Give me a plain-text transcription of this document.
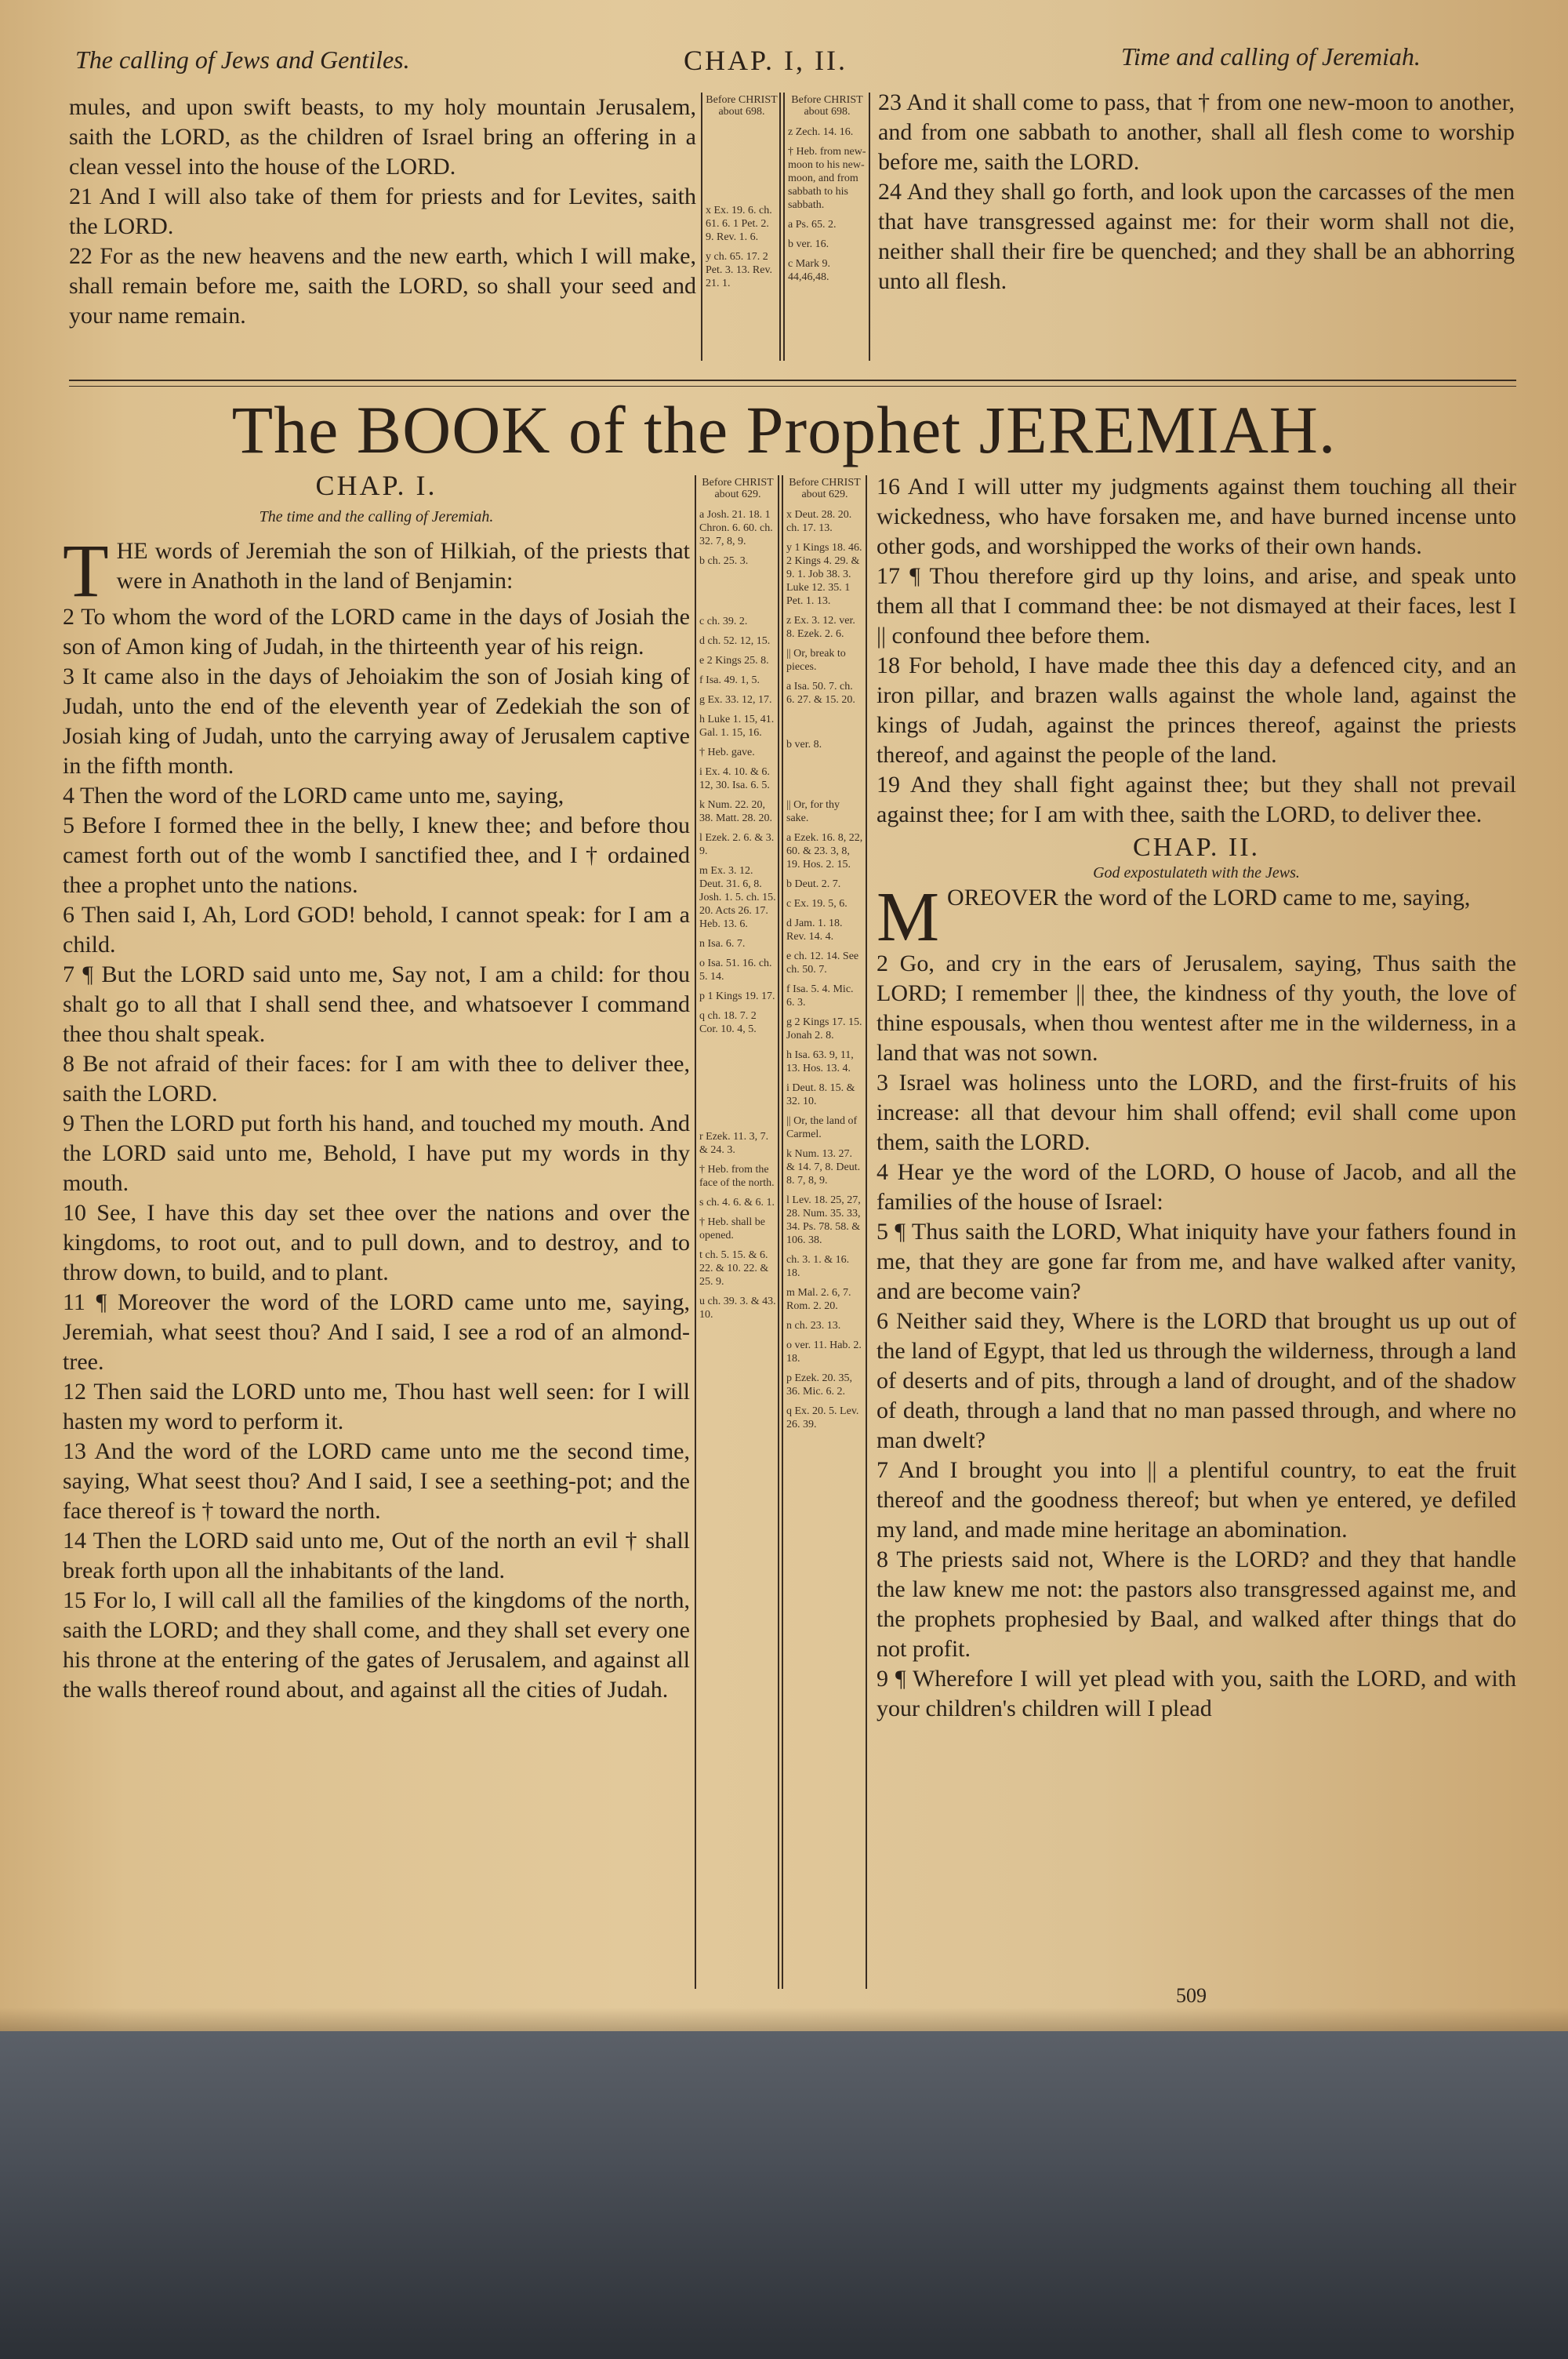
The calling of Jews and Gentiles.	CHAP. I, II.	Time and calling of Jeremiah.

mules, and upon swift beasts, to my holy mountain Jerusalem, saith the LORD, as the children of Israel bring an offering in a clean vessel into the house of the LORD.

21 And I will also take of them for priests and for Levites, saith the LORD.

22 For as the new heavens and the new earth, which I will make, shall remain before me, saith the LORD, so shall your seed and your name remain.

Before CHRIST about 698.

x Ex. 19. 6. ch. 61. 6. 1 Pet. 2. 9. Rev. 1. 6.

y ch. 65. 17. 2 Pet. 3. 13. Rev. 21. 1.

Before CHRIST about 698.

z Zech. 14. 16.

† Heb. from new-moon to his new-moon, and from sabbath to his sabbath.

a Ps. 65. 2.

b ver. 16.

c Mark 9. 44,46,48.

23 And it shall come to pass, that † from one new-moon to another, and from one sabbath to another, shall all flesh come to worship before me, saith the LORD.

24 And they shall go forth, and look upon the carcasses of the men that have transgressed against me: for their worm shall not die, neither shall their fire be quenched; and they shall be an abhorring unto all flesh.

The BOOK of the Prophet JEREMIAH.
CHAP. I.
The time and the calling of Jeremiah.

THE words of Jeremiah the son of Hilkiah, of the priests that were in Anathoth in the land of Benjamin:

2 To whom the word of the LORD came in the days of Josiah the son of Amon king of Judah, in the thirteenth year of his reign.

3 It came also in the days of Jehoiakim the son of Josiah king of Judah, unto the end of the eleventh year of Zedekiah the son of Josiah king of Judah, unto the carrying away of Jerusalem captive in the fifth month.

4 Then the word of the LORD came unto me, saying,

5 Before I formed thee in the belly, I knew thee; and before thou camest forth out of the womb I sanctified thee, and I † ordained thee a prophet unto the nations.

6 Then said I, Ah, Lord GOD! behold, I cannot speak: for I am a child.

7 ¶ But the LORD said unto me, Say not, I am a child: for thou shalt go to all that I shall send thee, and whatsoever I command thee thou shalt speak.

8 Be not afraid of their faces: for I am with thee to deliver thee, saith the LORD.

9 Then the LORD put forth his hand, and touched my mouth. And the LORD said unto me, Behold, I have put my words in thy mouth.

10 See, I have this day set thee over the nations and over the kingdoms, to root out, and to pull down, and to destroy, and to throw down, to build, and to plant.

11 ¶ Moreover the word of the LORD came unto me, saying, Jeremiah, what seest thou? And I said, I see a rod of an almond-tree.

12 Then said the LORD unto me, Thou hast well seen: for I will hasten my word to perform it.

13 And the word of the LORD came unto me the second time, saying, What seest thou? And I said, I see a seething-pot; and the face thereof is † toward the north.

14 Then the LORD said unto me, Out of the north an evil † shall break forth upon all the inhabitants of the land.

15 For lo, I will call all the families of the kingdoms of the north, saith the LORD; and they shall come, and they shall set every one his throne at the entering of the gates of Jerusalem, and against all the walls thereof round about, and against all the cities of Judah.

Before CHRIST about 629.

a Josh. 21. 18. 1 Chron. 6. 60. ch. 32. 7, 8, 9.

b ch. 25. 3.

c ch. 39. 2.

d ch. 52. 12, 15.

e 2 Kings 25. 8.

f Isa. 49. 1, 5.

g Ex. 33. 12, 17.

h Luke 1. 15, 41. Gal. 1. 15, 16.

† Heb. gave.

i Ex. 4. 10. & 6. 12, 30. Isa. 6. 5.

k Num. 22. 20, 38. Matt. 28. 20.

l Ezek. 2. 6. & 3. 9.

m Ex. 3. 12. Deut. 31. 6, 8. Josh. 1. 5. ch. 15. 20. Acts 26. 17. Heb. 13. 6.

n Isa. 6. 7.

o Isa. 51. 16. ch. 5. 14.

p 1 Kings 19. 17.

q ch. 18. 7. 2 Cor. 10. 4, 5.

r Ezek. 11. 3, 7. & 24. 3.

† Heb. from the face of the north.

s ch. 4. 6. & 6. 1.

† Heb. shall be opened.

t ch. 5. 15. & 6. 22. & 10. 22. & 25. 9.

u ch. 39. 3. & 43. 10.

Before CHRIST about 629.

x Deut. 28. 20. ch. 17. 13.

y 1 Kings 18. 46. 2 Kings 4. 29. & 9. 1. Job 38. 3. Luke 12. 35. 1 Pet. 1. 13.

z Ex. 3. 12. ver. 8. Ezek. 2. 6.

|| Or, break to pieces.

a Isa. 50. 7. ch. 6. 27. & 15. 20.

b ver. 8.

|| Or, for thy sake.

a Ezek. 16. 8, 22, 60. & 23. 3, 8, 19. Hos. 2. 15.

b Deut. 2. 7.

c Ex. 19. 5, 6.

d Jam. 1. 18. Rev. 14. 4.

e ch. 12. 14. See ch. 50. 7.

f Isa. 5. 4. Mic. 6. 3.

g 2 Kings 17. 15. Jonah 2. 8.

h Isa. 63. 9, 11, 13. Hos. 13. 4.

i Deut. 8. 15. & 32. 10.

|| Or, the land of Carmel.

k Num. 13. 27. & 14. 7, 8. Deut. 8. 7, 8, 9.

l Lev. 18. 25, 27, 28. Num. 35. 33, 34. Ps. 78. 58. & 106. 38.

ch. 3. 1. & 16. 18.

m Mal. 2. 6, 7. Rom. 2. 20.

n ch. 23. 13.

o ver. 11. Hab. 2. 18.

p Ezek. 20. 35, 36. Mic. 6. 2.

q Ex. 20. 5. Lev. 26. 39.

16 And I will utter my judgments against them touching all their wickedness, who have forsaken me, and have burned incense unto other gods, and worshipped the works of their own hands.

17 ¶ Thou therefore gird up thy loins, and arise, and speak unto them all that I command thee: be not dismayed at their faces, lest I || confound thee before them.

18 For behold, I have made thee this day a defenced city, and an iron pillar, and brazen walls against the whole land, against the kings of Judah, against the princes thereof, against the priests thereof, and against the people of the land.

19 And they shall fight against thee; but they shall not prevail against thee; for I am with thee, saith the LORD, to deliver thee.

CHAP. II.
God expostulateth with the Jews.

MOREOVER the word of the LORD came to me, saying,

2 Go, and cry in the ears of Jerusalem, saying, Thus saith the LORD; I remember || thee, the kindness of thy youth, the love of thine espousals, when thou wentest after me in the wilderness, in a land that was not sown.

3 Israel was holiness unto the LORD, and the first-fruits of his increase: all that devour him shall offend; evil shall come upon them, saith the LORD.

4 Hear ye the word of the LORD, O house of Jacob, and all the families of the house of Israel:

5 ¶ Thus saith the LORD, What iniquity have your fathers found in me, that they are gone far from me, and have walked after vanity, and are become vain?

6 Neither said they, Where is the LORD that brought us up out of the land of Egypt, that led us through the wilderness, through a land of deserts and of pits, through a land of drought, and of the shadow of death, through a land that no man passed through, and where no man dwelt?

7 And I brought you into || a plentiful country, to eat the fruit thereof and the goodness thereof; but when ye entered, ye defiled my land, and made mine heritage an abomination.

8 The priests said not, Where is the LORD? and they that handle the law knew me not: the pastors also transgressed against me, and the prophets prophesied by Baal, and walked after things that do not profit.

9 ¶ Wherefore I will yet plead with you, saith the LORD, and with your children's children will I plead

509
